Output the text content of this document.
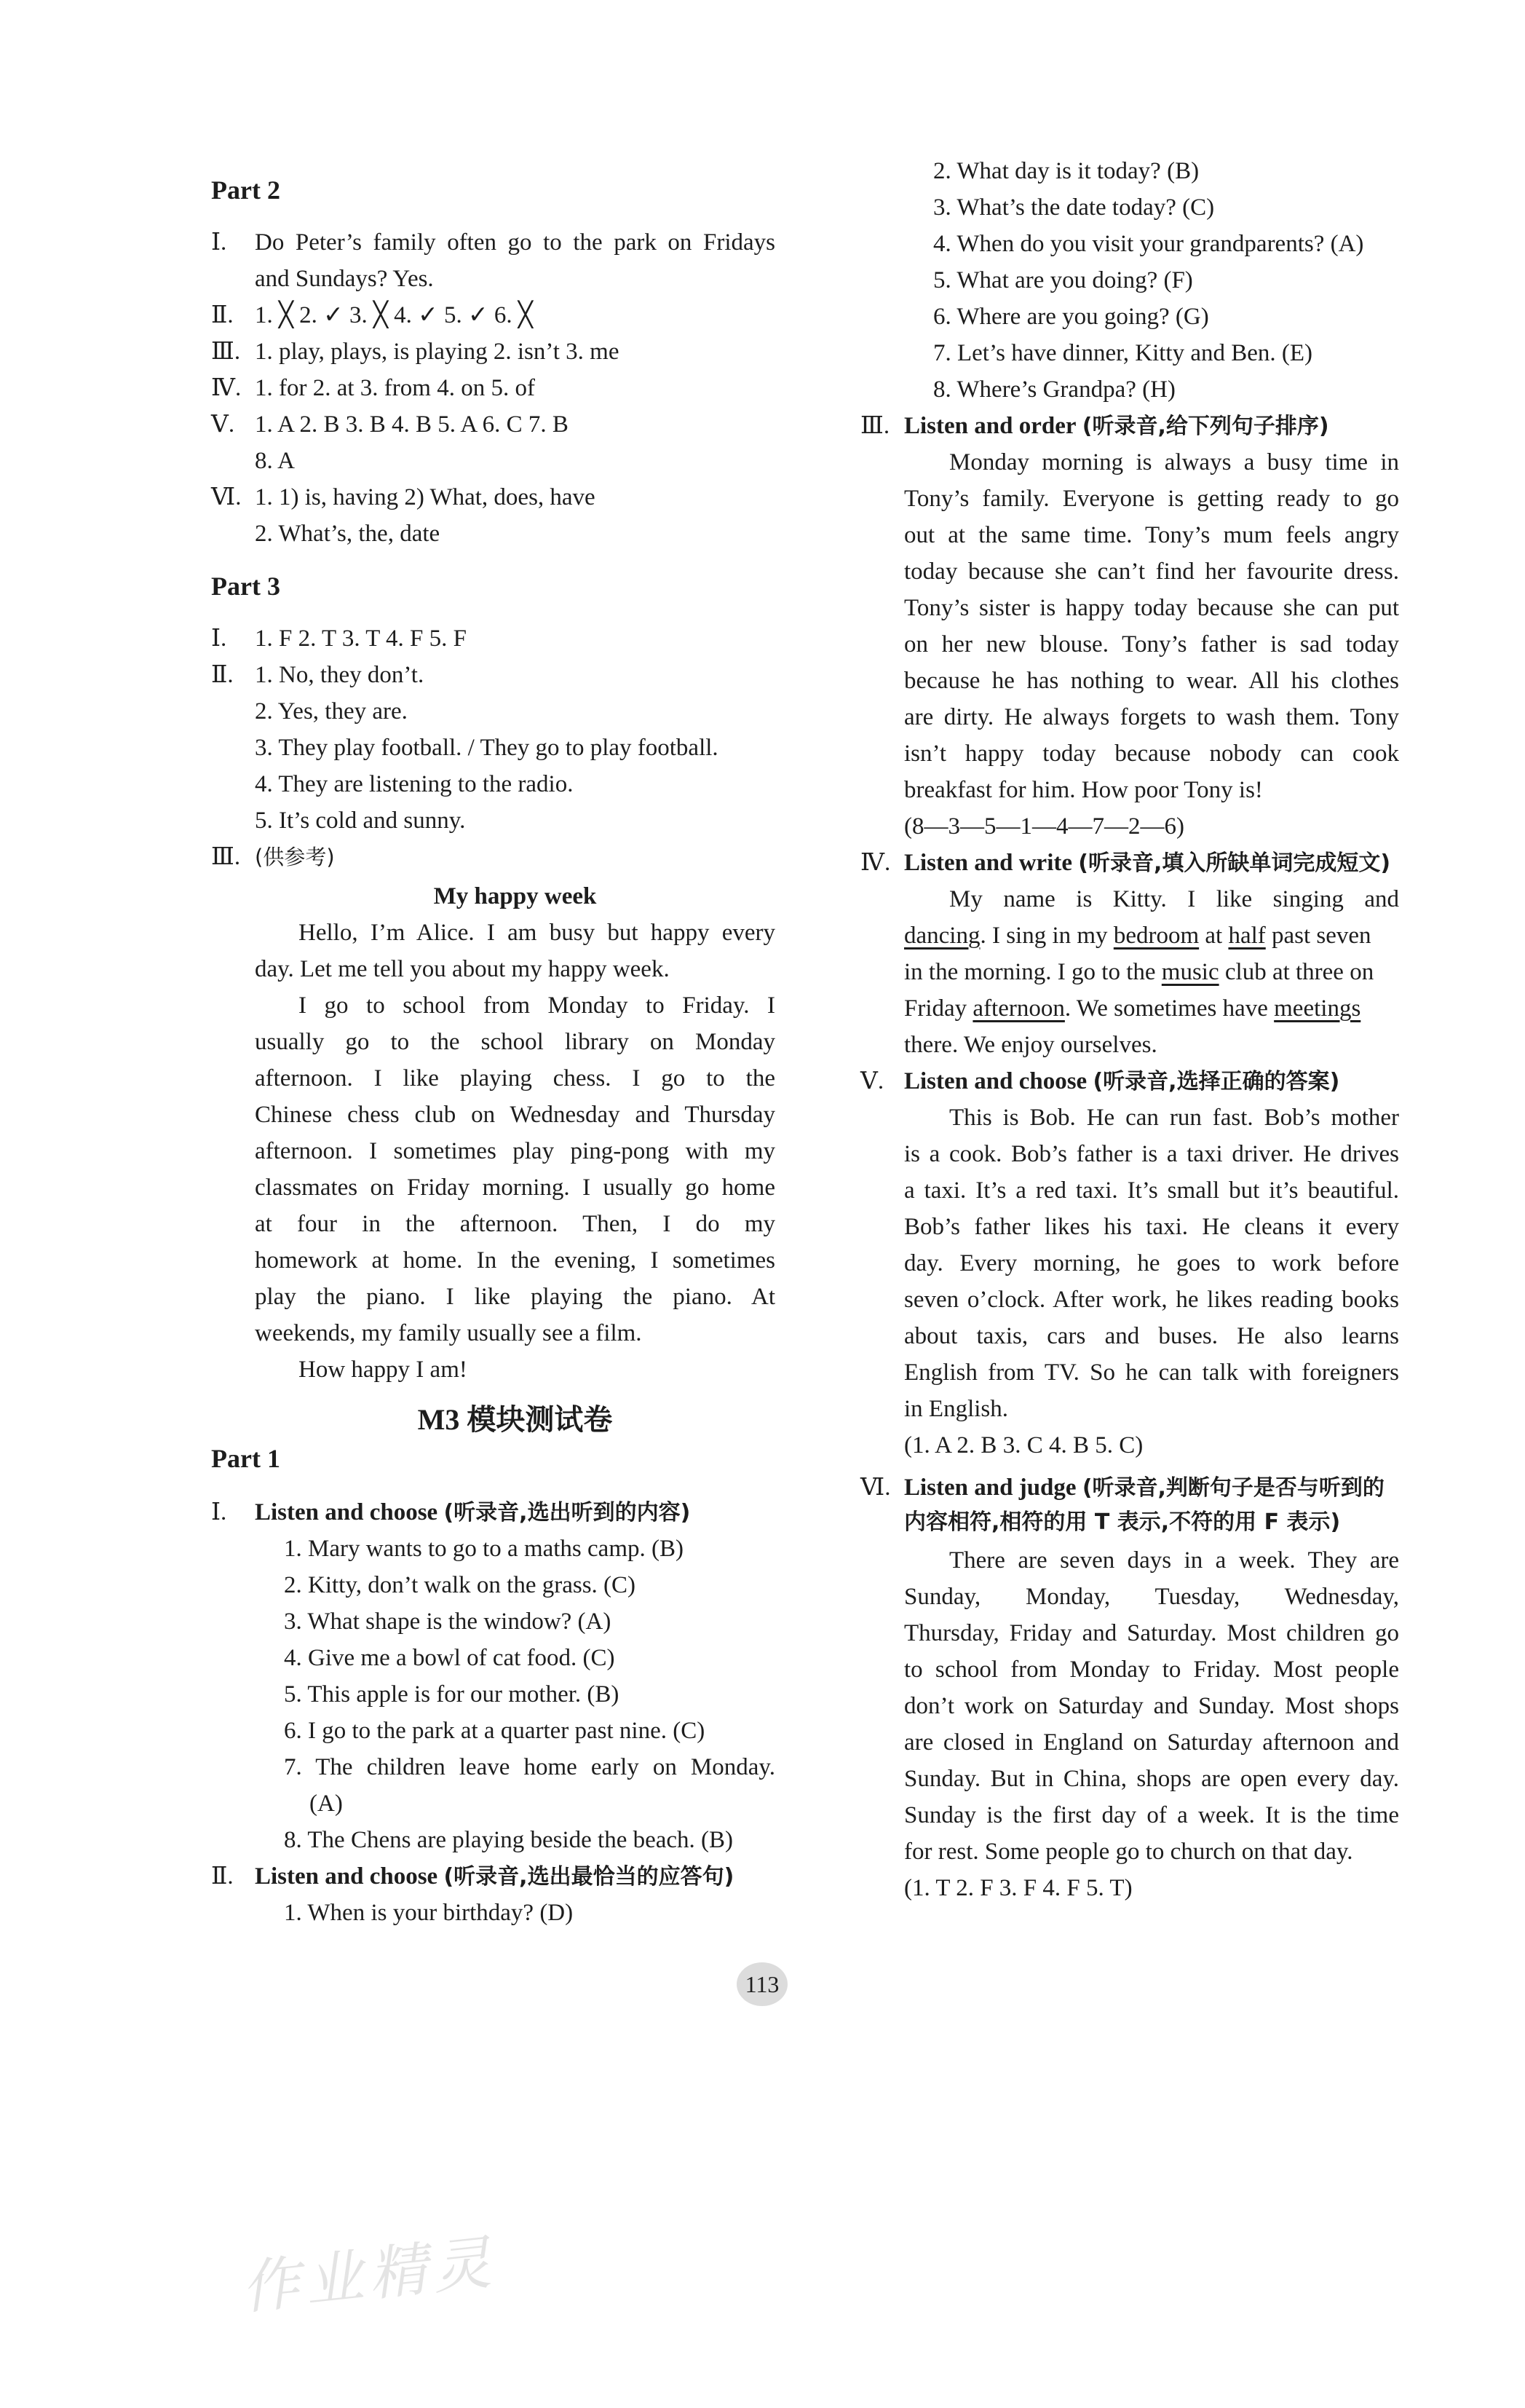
Part 2
Ⅰ.	Do Peter’s family often go to the park on Fridays
and Sundays? Yes.
Ⅱ. 1. ╳ 2. ✓ 3. ╳ 4. ✓ 5. ✓ 6. ╳
Ⅲ. 1. play, plays, is playing 2. isn’t 3. me
Ⅳ. 1. for 2. at 3. from 4. on 5. of
Ⅴ. 1. A 2. B 3. B 4. B 5. A 6. C 7. B
8. A
Ⅵ. 1. 1) is, having 2) What, does, have
2. What’s, the, date
Part 3
Ⅰ. 1. F 2. T 3. T 4. F 5. F
Ⅱ. 1. No, they don’t.
2. Yes, they are.
3. They play football. / They go to play football.
4. They are listening to the radio.
5. It’s cold and sunny.
Ⅲ. (供参考)
My happy week
Hello, I’m Alice. I am busy but happy every
day. Let me tell you about my happy week.
I go to school from Monday to Friday. I
usually go to the school library on Monday
afternoon. I like playing chess. I go to the
Chinese chess club on Wednesday and Thursday
afternoon. I sometimes play ping-pong with my
classmates on Friday morning. I usually go home
at four in the afternoon. Then, I do my
homework at home. In the evening, I sometimes
play the piano. I like playing the piano. At
weekends, my family usually see a film.
How happy I am!
M3 模块测试卷
Part 1
Ⅰ. Listen and choose (听录音,选出听到的内容)
1. Mary wants to go to a maths camp. (B)
2. Kitty, don’t walk on the grass. (C)
3. What shape is the window? (A)
4. Give me a bowl of cat food. (C)
5. This apple is for our mother. (B)
6. I go to the park at a quarter past nine. (C)
7. The children leave home early on Monday.
(A)
8. The Chens are playing beside the beach. (B)
Ⅱ. Listen and choose (听录音,选出最恰当的应答句)
1. When is your birthday? (D)
2. What day is it today? (B)
3. What’s the date today? (C)
4. When do you visit your grandparents? (A)
5. What are you doing? (F)
6. Where are you going? (G)
7. Let’s have dinner, Kitty and Ben. (E)
8. Where’s Grandpa? (H)
Ⅲ. Listen and order (听录音,给下列句子排序)
Monday morning is always a busy time in
Tony’s family. Everyone is getting ready to go
out at the same time. Tony’s mum feels angry
today because she can’t find her favourite dress.
Tony’s sister is happy today because she can put
on her new blouse. Tony’s father is sad today
because he has nothing to wear. All his clothes
are dirty. He always forgets to wash them. Tony
isn’t happy today because nobody can cook
breakfast for him. How poor Tony is!
(8—3—5—1—4—7—2—6)
Ⅳ. Listen and write (听录音,填入所缺单词完成短文)
My name is Kitty. I like singing and
dancing. I sing in my bedroom at half past seven
in the morning. I go to the music club at three on
Friday afternoon. We sometimes have meetings
there. We enjoy ourselves.
Ⅴ. Listen and choose (听录音,选择正确的答案)
This is Bob. He can run fast. Bob’s mother
is a cook. Bob’s father is a taxi driver. He drives
a taxi. It’s a red taxi. It’s small but it’s beautiful.
Bob’s father likes his taxi. He cleans it every
day. Every morning, he goes to work before
seven o’clock. After work, he likes reading books
about taxis, cars and buses. He also learns
English from TV. So he can talk with foreigners
in English.
(1. A 2. B 3. C 4. B 5. C)
Ⅵ. Listen and judge (听录音,判断句子是否与听到的
内容相符,相符的用 T 表示,不符的用 F 表示)
There are seven days in a week. They are
Sunday, Monday, Tuesday, Wednesday,
Thursday, Friday and Saturday. Most children go
to school from Monday to Friday. Most people
don’t work on Saturday and Sunday. Most shops
are closed in England on Saturday afternoon and
Sunday. But in China, shops are open every day.
Sunday is the first day of a week. It is the time
for rest. Some people go to church on that day.
(1. T 2. F 3. F 4. F 5. T)
113
作业精灵
